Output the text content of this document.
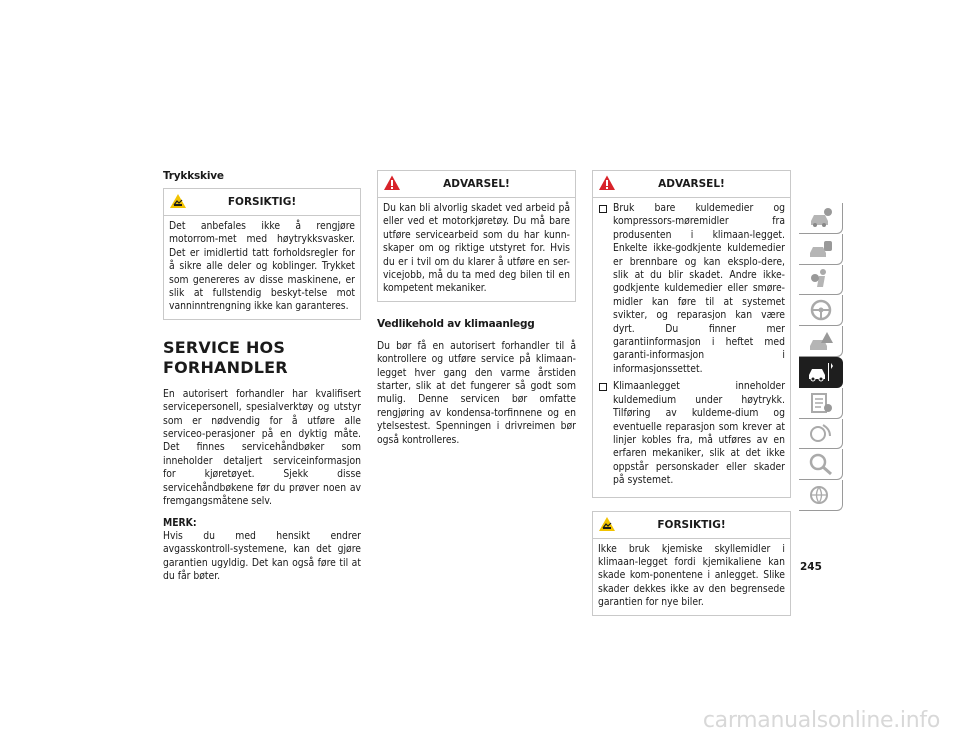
Trykkskive
FORSIKTIG!
Det anbefales ikke å rengjøre motorrom-met med høytrykksvasker. Det er imidlertid tatt forholdsregler for å sikre alle deler og koblinger. Trykket som genereres av disse maskinene, er slik at fullstendig beskyt-telse mot vanninntrengning ikke kan garanteres.
SERVICE HOS FORHANDLER

En autorisert forhandler har kvalifisert servicepersonell, spesialverktøy og utstyr som er nødvendig for å utføre alle serviceo-perasjoner på en dyktig måte. Det finnes servicehåndbøker som inneholder detaljert serviceinformasjon for kjøretøyet. Sjekk disse servicehåndbøkene før du prøver noen av fremgangsmåtene selv.

MERK:

Hvis du med hensikt endrer avgasskontroll-systemene, kan det gjøre garantien ugyldig. Det kan også føre til at du får bøter.

ADVARSEL!
Du kan bli alvorlig skadet ved arbeid på eller ved et motorkjøretøy. Du må bare utføre servicearbeid som du har kunn-skaper om og riktige utstyret for. Hvis du er i tvil om du klarer å utføre en ser-vicejobb, må du ta med deg bilen til en kompetent mekaniker.
Vedlikehold av klimaanlegg

Du bør få en autorisert forhandler til å kontrollere og utføre service på klimaan-legget hver gang den varme årstiden starter, slik at det fungerer så godt som mulig. Denne servicen bør omfatte rengjøring av kondensa-torfinnene og en ytelsestest. Spenningen i drivreimen bør også kontrolleres.

ADVARSEL!
Bruk bare kuldemedier og kompressors-møremidler fra produsenten i klimaan-legget. Enkelte ikke-godkjente kuldemedier er brennbare og kan eksplo-dere, slik at du blir skadet. Andre ikke-godkjente kuldemedier eller smøre-midler kan føre til at systemet svikter, og reparasjon kan være dyrt. Du finner mer garantiinformasjon i heftet med garanti-informasjon i informasjonssettet.
Klimaanlegget inneholder kuldemedium under høytrykk. Tilføring av kuldeme-dium og eventuelle reparasjon som krever at linjer kobles fra, må utføres av en erfaren mekaniker, slik at det ikke oppstår personskader eller skader på systemet.
FORSIKTIG!
Ikke bruk kjemiske skyllemidler i klimaan-legget fordi kjemikaliene kan skade kom-ponentene i anlegget. Slike skader dekkes ikke av den begrensede garantien for nye biler.
245
carmanualsonline.info
